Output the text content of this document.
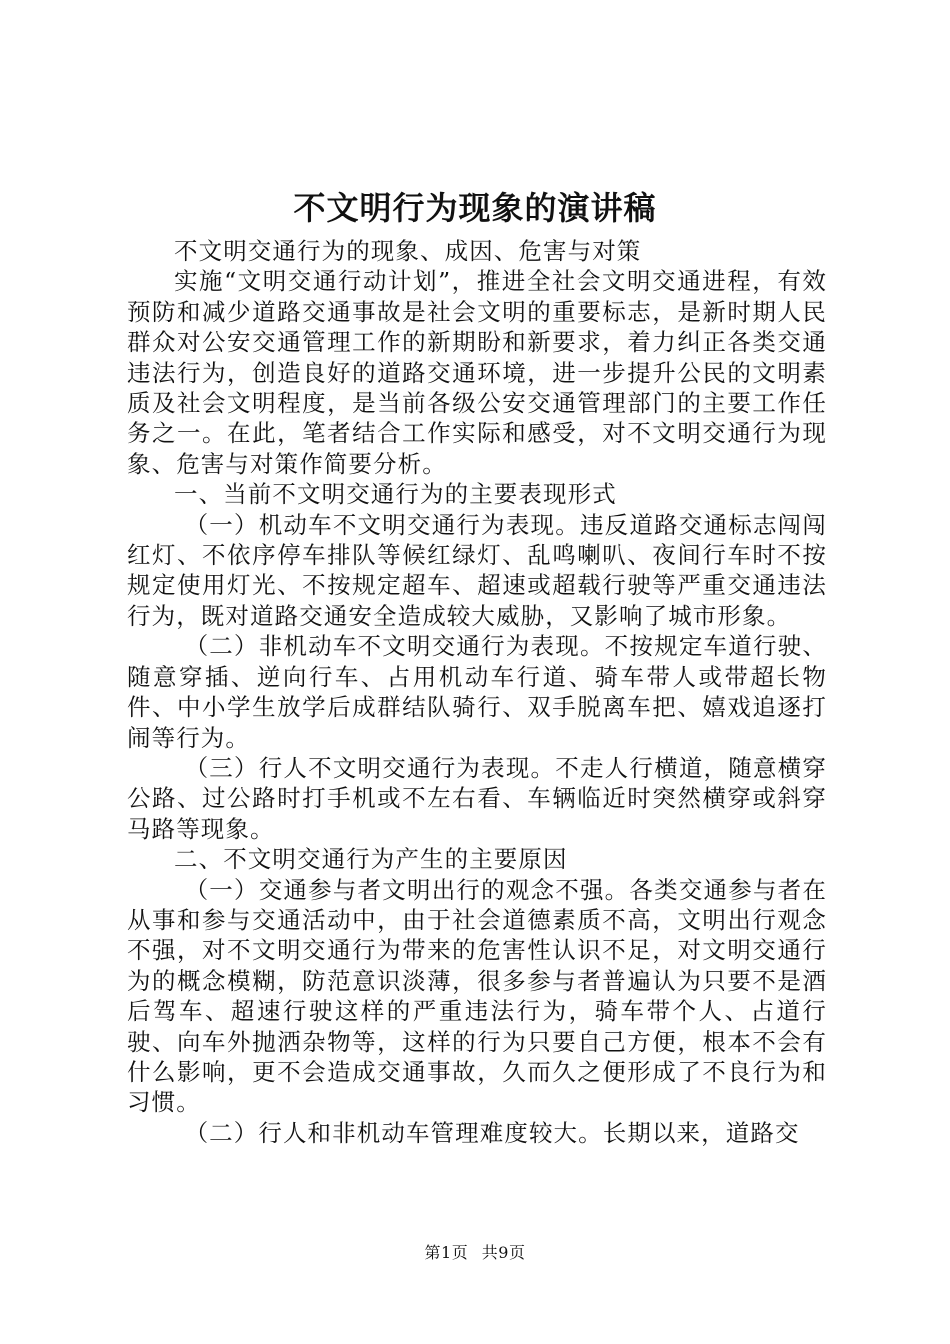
不文明行为现象的演讲稿

不文明交通行为的现象、成因、危害与对策

实施“文明交通行动计划”，推进全社会文明交通进程，有效预防和减少道路交通事故是社会文明的重要标志，是新时期人民群众对公安交通管理工作的新期盼和新要求，着力纠正各类交通违法行为，创造良好的道路交通环境，进一步提升公民的文明素质及社会文明程度，是当前各级公安交通管理部门的主要工作任务之一。在此，笔者结合工作实际和感受，对不文明交通行为现象、危害与对策作简要分析。

一、当前不文明交通行为的主要表现形式

（一）机动车不文明交通行为表现。违反道路交通标志闯闯红灯、不依序停车排队等候红绿灯、乱鸣喇叭、夜间行车时不按规定使用灯光、不按规定超车、超速或超载行驶等严重交通违法行为，既对道路交通安全造成较大威胁，又影响了城市形象。

（二）非机动车不文明交通行为表现。不按规定车道行驶、随意穿插、逆向行车、占用机动车行道、骑车带人或带超长物件、中小学生放学后成群结队骑行、双手脱离车把、嬉戏追逐打闹等行为。

（三）行人不文明交通行为表现。不走人行横道，随意横穿公路、过公路时打手机或不左右看、车辆临近时突然横穿或斜穿马路等现象。

二、不文明交通行为产生的主要原因

（一）交通参与者文明出行的观念不强。各类交通参与者在从事和参与交通活动中，由于社会道德素质不高，文明出行观念不强，对不文明交通行为带来的危害性认识不足，对文明交通行为的概念模糊，防范意识淡薄，很多参与者普遍认为只要不是酒后驾车、超速行驶这样的严重违法行为，骑车带个人、占道行驶、向车外抛洒杂物等，这样的行为只要自己方便，根本不会有什么影响，更不会造成交通事故，久而久之便形成了不良行为和习惯。

（二）行人和非机动车管理难度较大。长期以来，道路交

第1页 共9页
